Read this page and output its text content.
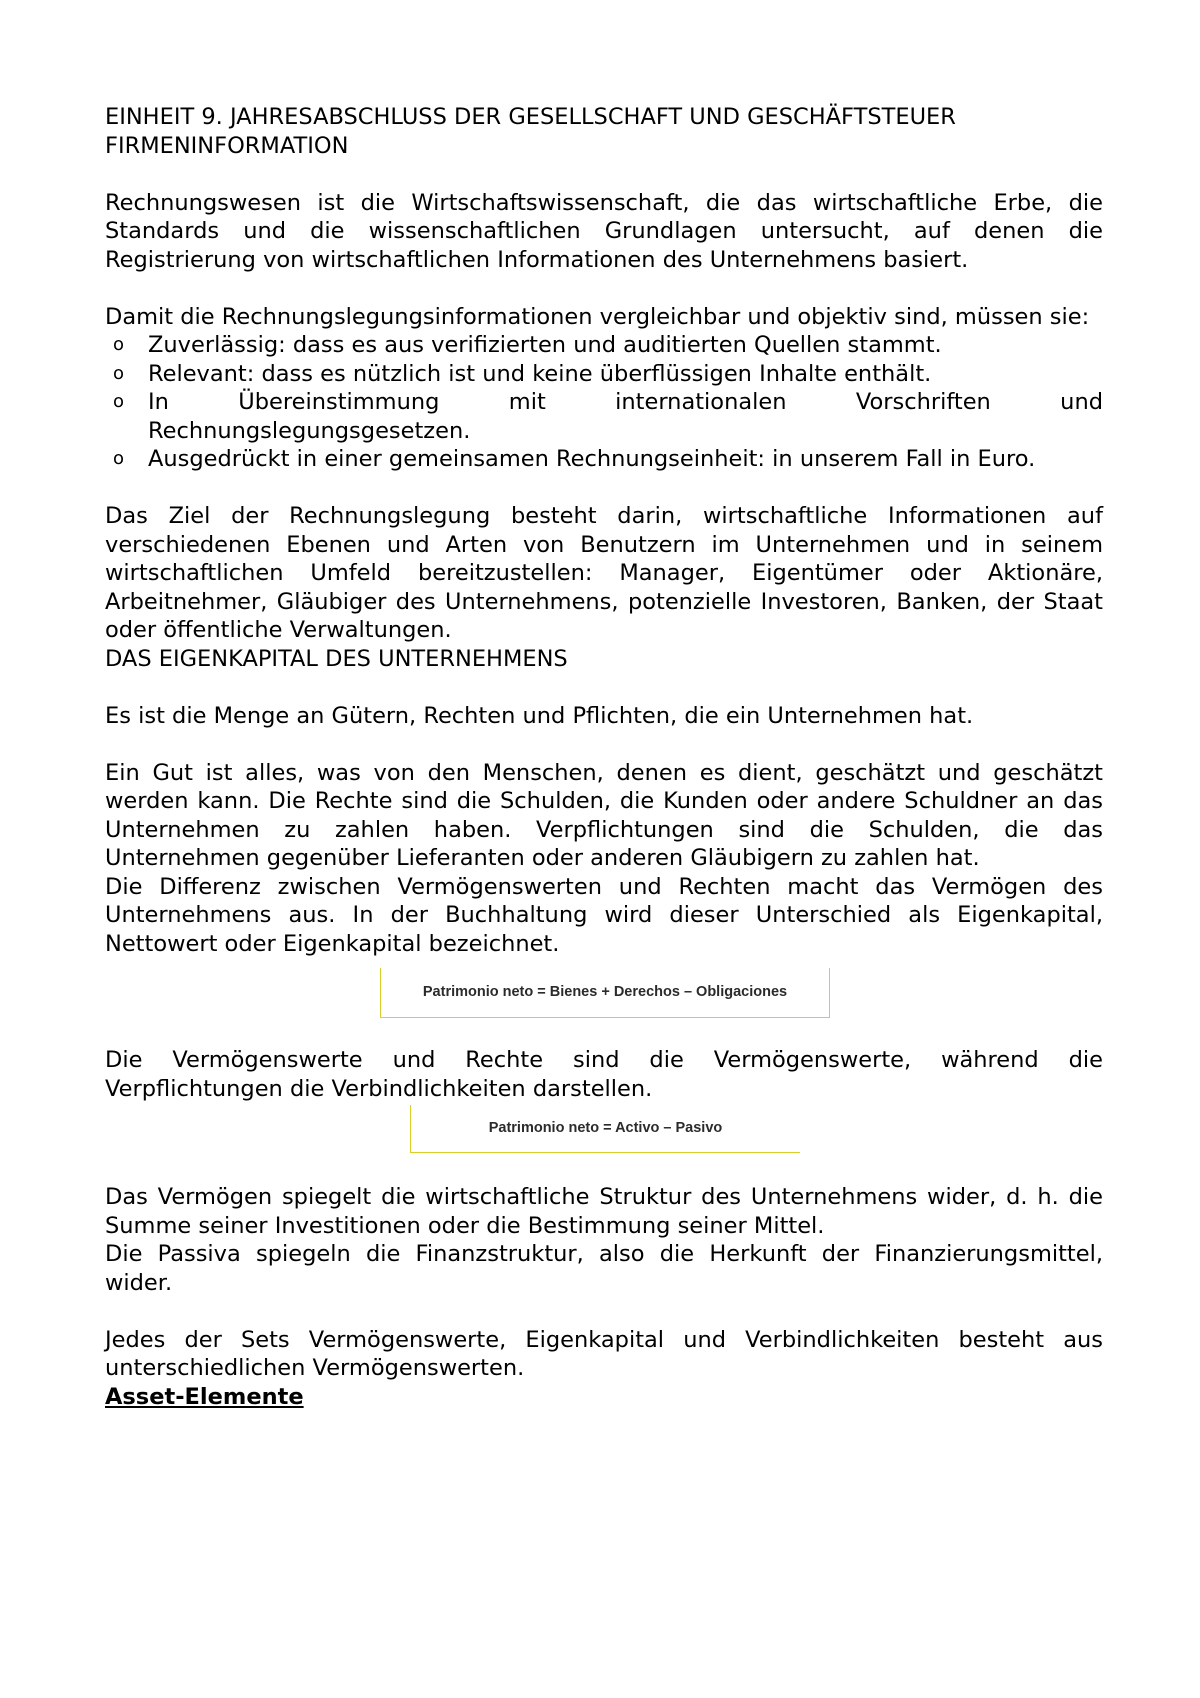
EINHEIT 9. JAHRESABSCHLUSS DER GESELLSCHAFT UND GESCHÄFTSTEUER

FIRMENINFORMATION

Rechnungswesen ist die Wirtschaftswissenschaft, die das wirtschaftliche Erbe, die Standards und die wissenschaftlichen Grundlagen untersucht, auf denen die Registrierung von wirtschaftlichen Informationen des Unternehmens basiert.

Damit die Rechnungslegungsinformationen vergleichbar und objektiv sind, müssen sie:

o Zuverlässig: dass es aus verifizierten und auditierten Quellen stammt.
o Relevant: dass es nützlich ist und keine überflüssigen Inhalte enthält.
o In Übereinstimmung mit internationalen Vorschriften und Rechnungslegungsgesetzen.
o Ausgedrückt in einer gemeinsamen Rechnungseinheit: in unserem Fall in Euro.

Das Ziel der Rechnungslegung besteht darin, wirtschaftliche Informationen auf verschiedenen Ebenen und Arten von Benutzern im Unternehmen und in seinem wirtschaftlichen Umfeld bereitzustellen: Manager, Eigentümer oder Aktionäre, Arbeitnehmer, Gläubiger des Unternehmens, potenzielle Investoren, Banken, der Staat oder öffentliche Verwaltungen.

DAS EIGENKAPITAL DES UNTERNEHMENS

Es ist die Menge an Gütern, Rechten und Pflichten, die ein Unternehmen hat.

Ein Gut ist alles, was von den Menschen, denen es dient, geschätzt und geschätzt werden kann. Die Rechte sind die Schulden, die Kunden oder andere Schuldner an das Unternehmen zu zahlen haben. Verpflichtungen sind die Schulden, die das Unternehmen gegenüber Lieferanten oder anderen Gläubigern zu zahlen hat.

Die Differenz zwischen Vermögenswerten und Rechten macht das Vermögen des Unternehmens aus. In der Buchhaltung wird dieser Unterschied als Eigenkapital, Nettowert oder Eigenkapital bezeichnet.

Patrimonio neto = Bienes + Derechos – Obligaciones

Die Vermögenswerte und Rechte sind die Vermögenswerte, während die Verpflichtungen die Verbindlichkeiten darstellen.

Patrimonio neto = Activo – Pasivo

Das Vermögen spiegelt die wirtschaftliche Struktur des Unternehmens wider, d. h. die Summe seiner Investitionen oder die Bestimmung seiner Mittel.

Die Passiva spiegeln die Finanzstruktur, also die Herkunft der Finanzierungsmittel, wider.

Jedes der Sets Vermögenswerte, Eigenkapital und Verbindlichkeiten besteht aus unterschiedlichen Vermögenswerten.

Asset-Elemente
